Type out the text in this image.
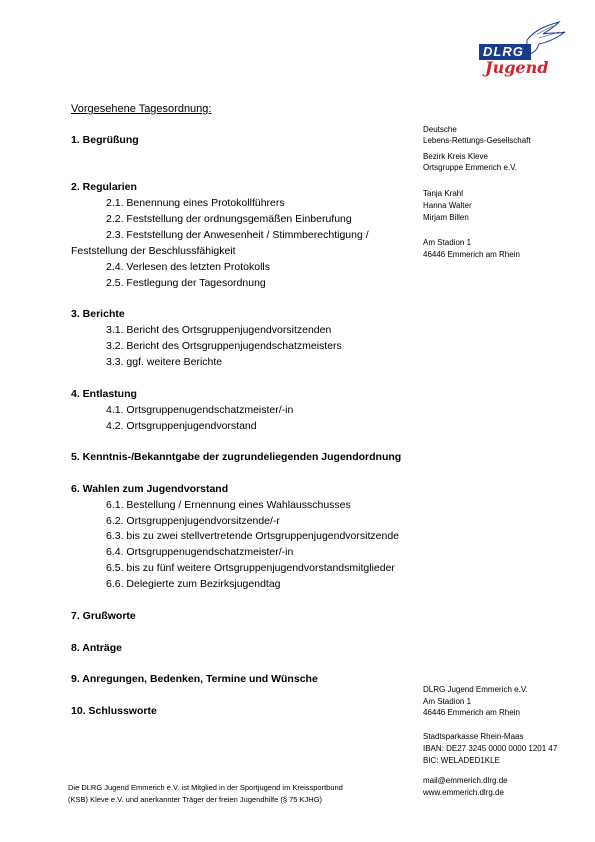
DLRG
Jugend
Vorgesehene Tagesordnung:
1. Begrüßung
2. Regularien
2.1. Benennung eines Protokollführers
2.2. Feststellung der ordnungsgemäßen Einberufung
2.3. Feststellung der Anwesenheit / Stimmberechtigung /
Feststellung der Beschlussfähigkeit
2.4. Verlesen des letzten Protokolls
2.5. Festlegung der Tagesordnung
3. Berichte
3.1. Bericht des Ortsgruppenjugendvorsitzenden
3.2. Bericht des Ortsgruppenjugendschatzmeisters
3.3. ggf. weitere Berichte
4. Entlastung
4.1. Ortsgruppenugendschatzmeister/-in
4.2. Ortsgruppenjugendvorstand
5. Kenntnis-/Bekanntgabe der zugrundeliegenden Jugendordnung
6. Wahlen zum Jugendvorstand
6.1. Bestellung / Ernennung eines Wahlausschusses
6.2. Ortsgruppenjugendvorsitzende/-r
6.3. bis zu zwei stellvertretende Ortsgruppenjugendvorsitzende
6.4. Ortsgruppenugendschatzmeister/-in
6.5. bis zu fünf weitere Ortsgruppenjugendvorstandsmitglieder
6.6. Delegierte zum Bezirksjugendtag
7. Grußworte
8. Anträge
9. Anregungen, Bedenken, Termine und Wünsche
10. Schlussworte
Deutsche
Lebens-Rettungs-Gesellschaft
Bezirk Kreis Kleve
Ortsgruppe Emmerich e.V.
Tanja Krahl
Hanna Walter
Mirjam Billen
Am Stadion 1
46446 Emmerich am Rhein
DLRG Jugend Emmerich e.V.
Am Stadion 1
46446 Emmerich am Rhein
Stadtsparkasse Rhein-Maas
IBAN: DE27 3245 0000 0000 1201 47
BIC: WELADED1KLE
mail@emmerich.dlrg.de
www.emmerich.dlrg.de
Die DLRG Jugend Emmerich e.V. ist Mitglied in der Sportjugend im Kreissportbund
(KSB) Kleve e.V. und anerkannter Träger der freien Jugendhilfe (§ 75 KJHG)
